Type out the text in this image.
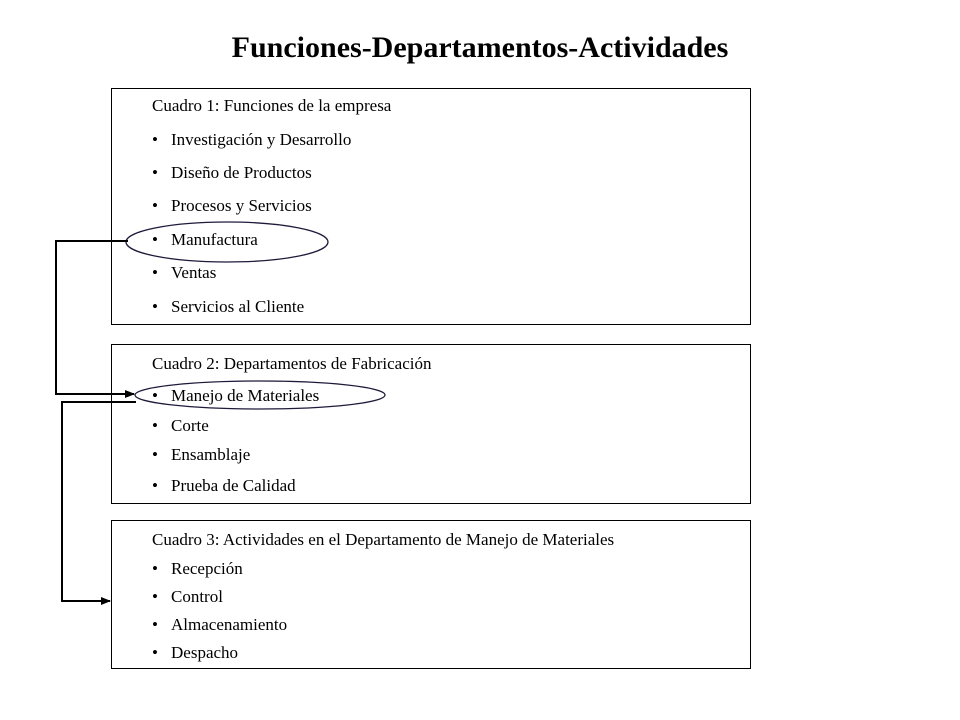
Funciones-Departamentos-Actividades
Cuadro 1: Funciones de la empresa
• Investigación y Desarrollo
• Diseño de Productos
• Procesos y Servicios
• Manufactura
• Ventas
• Servicios al Cliente
Cuadro 2: Departamentos de Fabricación
• Manejo de Materiales
• Corte
• Ensamblaje
• Prueba de Calidad
Cuadro 3: Actividades en el Departamento de Manejo de Materiales
• Recepción
• Control
• Almacenamiento
• Despacho
